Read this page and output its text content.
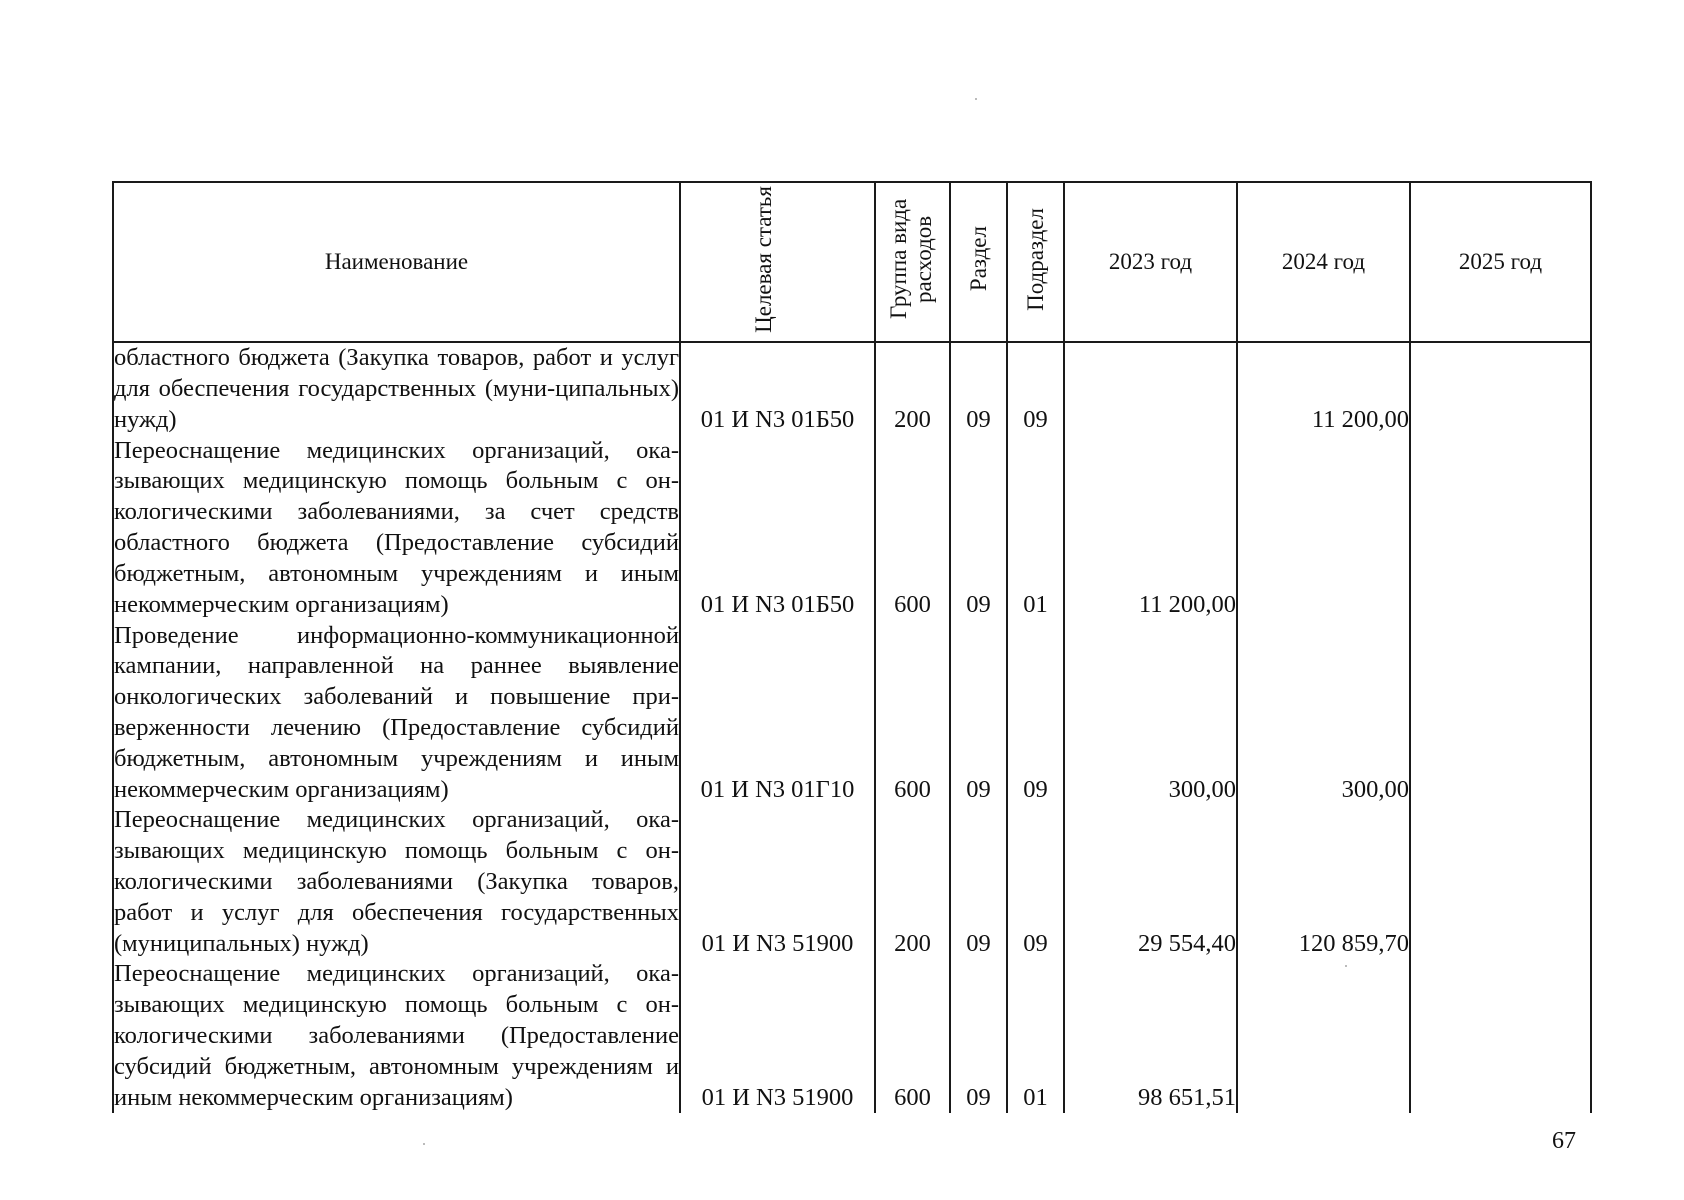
Наименование	Целевая статья	Группа вида расходов	Раздел	Подраздел	2023 год	2024 год	2025 год
областного бюджета (Закупка товаров, работ и услуг для обеспечения государственных (муни-ципальных) нужд)	01 И N3 01Б50	200	09	09		11 200,00	
Переоснащение медицинских организаций, ока-зывающих медицинскую помощь больным с он-кологическими заболеваниями, за счет средств областного бюджета (Предоставление субсидий бюджетным, автономным учреждениям и иным некоммерческим организациям)	01 И N3 01Б50	600	09	01	11 200,00		
Проведение информационно-коммуникационной кампании, направленной на раннее выявление онкологических заболеваний и повышение при-верженности лечению (Предоставление субсидий бюджетным, автономным учреждениям и иным некоммерческим организациям)	01 И N3 01Г10	600	09	09	300,00	300,00	
Переоснащение медицинских организаций, ока-зывающих медицинскую помощь больным с он-кологическими заболеваниями (Закупка товаров, работ и услуг для обеспечения государственных (муниципальных) нужд)	01 И N3 51900	200	09	09	29 554,40	120 859,70	
Переоснащение медицинских организаций, ока-зывающих медицинскую помощь больным с он-кологическими заболеваниями (Предоставление субсидий бюджетным, автономным учреждениям и иным некоммерческим организациям)	01 И N3 51900	600	09	01	98 651,51		
67
